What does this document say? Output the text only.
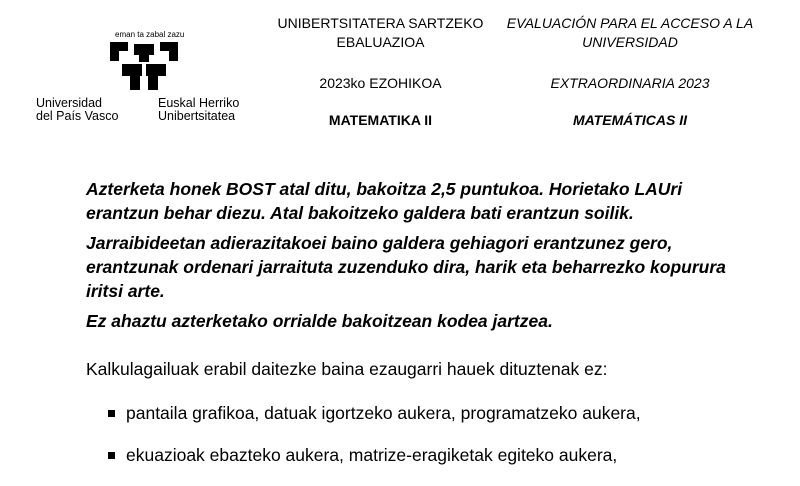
eman ta zabal zazu
Universidad
del País Vasco
Euskal Herriko
Unibertsitatea
UNIBERTSITATERA SARTZEKO
EBALUAZIOA
2023ko EZOHIKOA
MATEMATIKA II
EVALUACIÓN PARA EL ACCESO A LA
UNIVERSIDAD
EXTRAORDINARIA 2023
MATEMÁTICAS II

Azterketa honek BOST atal ditu, bakoitza 2,5 puntukoa. Horietako LAUri erantzun behar diezu. Atal bakoitzeko galdera bati erantzun soilik.

Jarraibideetan adierazitakoei baino galdera gehiagori erantzunez gero, erantzunak ordenari jarraituta zuzenduko dira, harik eta beharrezko kopurura iritsi arte.

Ez ahaztu azterketako orrialde bakoitzean kodea jartzea.

Kalkulagailuak erabil daitezke baina ezaugarri hauek dituztenak ez:
pantaila grafikoa, datuak igortzeko aukera, programatzeko aukera,
ekuazioak ebazteko aukera, matrize-eragiketak egiteko aukera,
